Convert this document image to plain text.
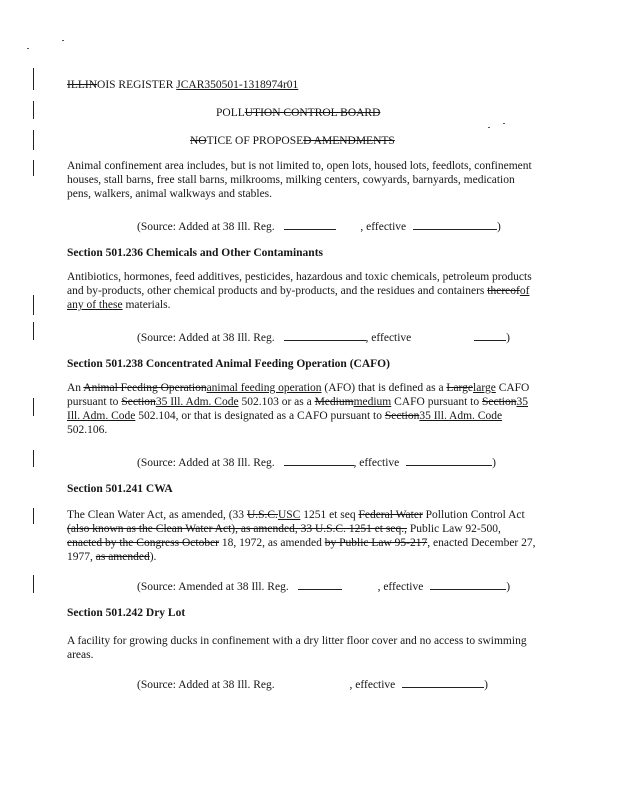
ILLINOIS REGISTER JCAR350501-1318974r01
POLLUTION CONTROL BOARD
NOTICE OF PROPOSED AMENDMENTS
Animal confinement area includes, but is not limited to, open lots, housed lots, feedlots, confinement houses, stall barns, free stall barns, milkrooms, milking centers, cowyards, barnyards, medication pens, walkers, animal walkways and stables.
(Source: Added at 38 Ill. Reg.	, effective	)
Section 501.236 Chemicals and Other Contaminants
Antibiotics, hormones, feed additives, pesticides, hazardous and toxic chemicals, petroleum products and by-products, other chemical products and by-products, and the residues and containers thereofof any of these materials.
(Source: Added at 38 Ill. Reg.	, effective	)
Section 501.238 Concentrated Animal Feeding Operation (CAFO)
An Animal Feeding Operationanimal feeding operation (AFO) that is defined as a Largelarge CAFO pursuant to Section35 Ill. Adm. Code 502.103 or as a Mediummedium CAFO pursuant to Section35 Ill. Adm. Code 502.104, or that is designated as a CAFO pursuant to Section35 Ill. Adm. Code 502.106.
(Source: Added at 38 Ill. Reg.	, effective	)
Section 501.241 CWA
The Clean Water Act, as amended, (33 U.S.C.USC 1251 et seq Federal Water Pollution Control Act (also known as the Clean Water Act), as amended, 33 U.S.C. 1251 et seq., Public Law 92-500, enacted by the Congress October 18, 1972, as amended by Public Law 95-217, enacted December 27, 1977, as amended).
(Source: Amended at 38 Ill. Reg.	, effective	)
Section 501.242 Dry Lot
A facility for growing ducks in confinement with a dry litter floor cover and no access to swimming areas.
(Source: Added at 38 Ill. Reg.	, effective	)
